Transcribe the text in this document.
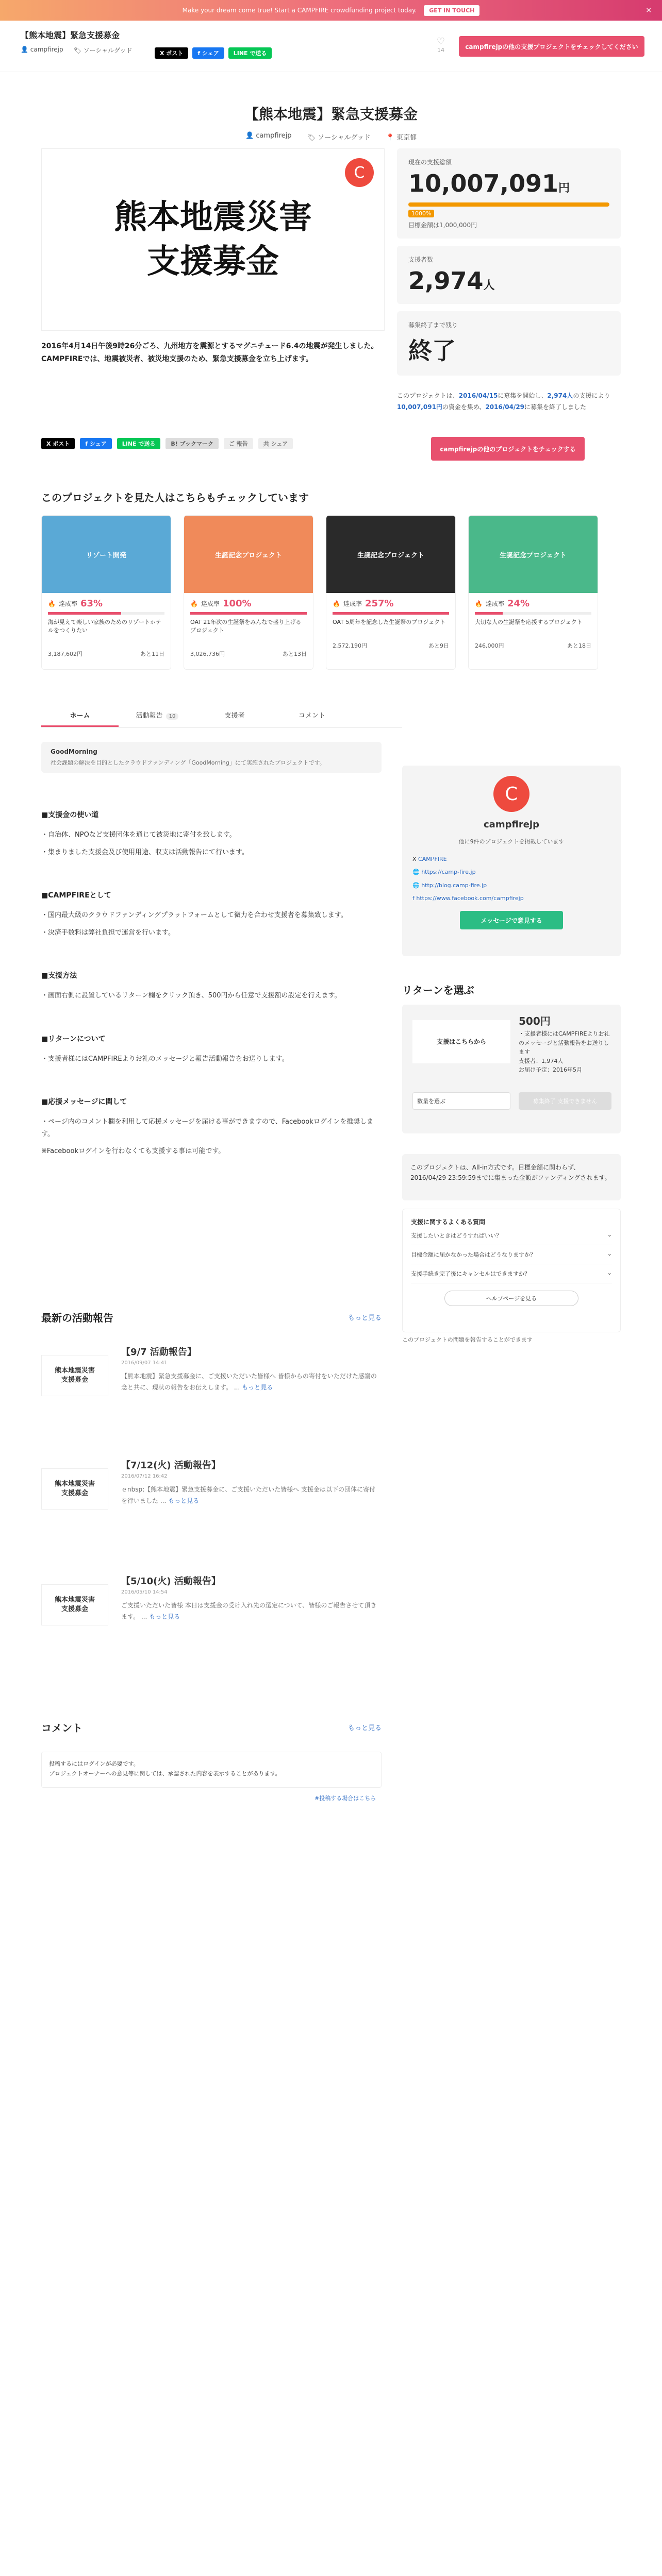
Make your dream come true! Start a CAMPFIRE crowdfunding project today.	GET IN TOUCH	×
【熊本地震】緊急支援募金
👤 campfirejp 🏷 ソーシャルグッド	X ポスト	f シェア	LINE で送る
♡
14	campfirejpの他の支援プロジェクトをチェックしてください
【熊本地震】緊急支援募金
👤 campfirejp 🏷 ソーシャルグッド 📍 東京都
熊本地震災害
支援募金
C
現在の支援総額
10,007,091円
1000%
目標金額は1,000,000円
支援者数
2,974人
募集終了まで残り
終了
2016年4月14日午後9時26分ごろ、九州地方を震源とするマグニチュード6.4の地震が発生しました。CAMPFIREでは、地震被災者、被災地支援のため、緊急支援募金を立ち上げます。
X ポスト	f シェア	LINE で送る	B! ブックマーク	ご 報告	共 シェア
このプロジェクトは、2016/04/15に募集を開始し、2,974人の支援により10,007,091円の資金を集め、2016/04/29に募集を終了しました
campfirejpの他のプロジェクトをチェックする
このプロジェクトを見た人はこちらもチェックしています
リゾート開発
🔥 達成率 63%
海が見えて楽しい家族のためのリゾートホテルをつくりたい
3,187,602円	あと11日
生誕記念プロジェクト
🔥 達成率 100%
OAT 21年次の生誕祭をみんなで盛り上げるプロジェクト
3,026,736円	あと13日
生誕記念プロジェクト
🔥 達成率 257%
OAT 5周年を記念した生誕祭のプロジェクト
2,572,190円	あと9日
生誕記念プロジェクト
🔥 達成率 24%
大切な人の生誕祭を応援するプロジェクト
246,000円	あと18日
ホーム	活動報告 10	支援者	コメント
GoodMorning
社会課題の解決を目的としたクラウドファンディング「GoodMorning」にて実施されたプロジェクトです。
■支援金の使い道

・自治体、NPOなど支援団体を通じて被災地に寄付を致します。

・集まりました支援金及び使用用途、収支は活動報告にて行います。

■CAMPFIREとして

・国内最大級のクラウドファンディングプラットフォームとして微力を合わせ支援者を募集致します。

・決済手数料は弊社負担で運営を行います。

■支援方法

・画面右側に設置しているリターン欄をクリック頂き、500円から任意で支援額の設定を行えます。

■リターンについて

・支援者様にはCAMPFIREよりお礼のメッセージと報告活動報告をお送りします。

■応援メッセージに関して

・ページ内のコメント欄を利用して応援メッセージを届ける事ができますので、Facebookログインを推奨します。

※Facebookログインを行わなくても支援する事は可能です。

C
campfirejp
他に9件のプロジェクトを掲載しています
X CAMPFIRE
🌐 https://camp-fire.jp
🌐 http://blog.camp-fire.jp
f https://www.facebook.com/campfirejp
メッセージで意見する
リターンを選ぶ
支援はこちらから
500円
・支援者様にはCAMPFIREよりお礼のメッセージと活動報告をお送りします
支援者：1,974人
お届け予定：2016年5月
数量を選ぶ	募集終了 支援できません
このプロジェクトは、All-in方式です。目標金額に関わらず、2016/04/29 23:59:59までに集まった金額がファンディングされます。
支援に関するよくある質問
支援したいときはどうすればいい？	⌄
目標金額に届かなかった場合はどうなりますか？	⌄
支援手続き完了後にキャンセルはできますか？	⌄
ヘルプページを見る
このプロジェクトの問題を報告することができます
最新の活動報告	もっと見る
熊本地震災害
支援募金
【9/7 活動報告】
2016/09/07 14:41
【熊本地震】緊急支援募金に、ご支援いただいた皆様へ 皆様からの寄付をいただけた感謝の念と共に、現状の報告をお伝えします。 ... もっと見る
熊本地震災害
支援募金
【7/12(火) 活動報告】
2016/07/12 16:42
ｅnbsp;【熊本地震】緊急支援募金に、ご支援いただいた皆様へ 支援金は以下の団体に寄付を行いました ... もっと見る
熊本地震災害
支援募金
【5/10(火) 活動報告】
2016/05/10 14:54
ご支援いただいた皆様 本日は支援金の受け入れ先の選定について、皆様のご報告させて頂きます。 ... もっと見る
コメント	もっと見る
投稿するにはログインが必要です。
プロジェクトオーナーへの意見等に関しては、承認された内容を表示することがあります。
#投稿する場合はこちら
